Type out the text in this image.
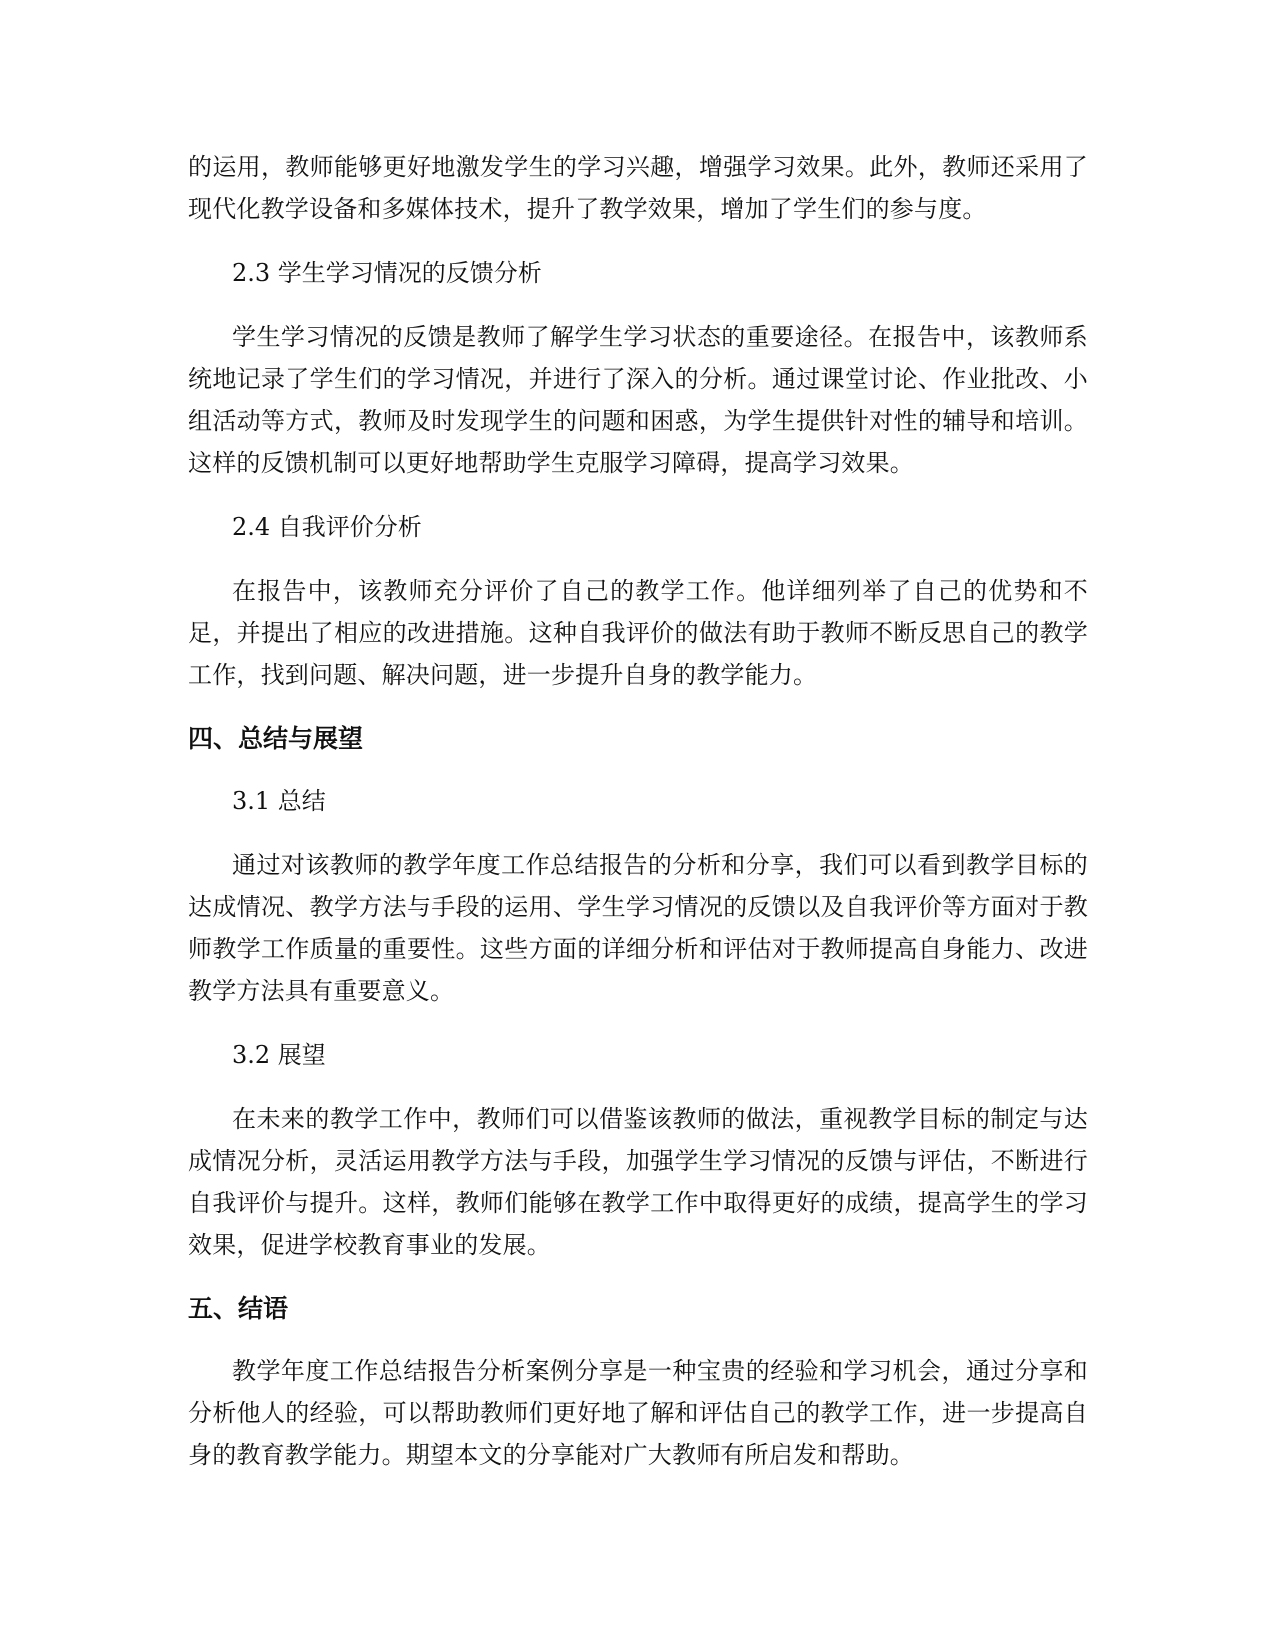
的运用，教师能够更好地激发学生的学习兴趣，增强学习效果。此外，教师还采用了现代化教学设备和多媒体技术，提升了教学效果，增加了学生们的参与度。

2.3 学生学习情况的反馈分析

学生学习情况的反馈是教师了解学生学习状态的重要途径。在报告中，该教师系统地记录了学生们的学习情况，并进行了深入的分析。通过课堂讨论、作业批改、小组活动等方式，教师及时发现学生的问题和困惑，为学生提供针对性的辅导和培训。这样的反馈机制可以更好地帮助学生克服学习障碍，提高学习效果。

2.4 自我评价分析

在报告中，该教师充分评价了自己的教学工作。他详细列举了自己的优势和不足，并提出了相应的改进措施。这种自我评价的做法有助于教师不断反思自己的教学工作，找到问题、解决问题，进一步提升自身的教学能力。

四、总结与展望

3.1 总结

通过对该教师的教学年度工作总结报告的分析和分享，我们可以看到教学目标的达成情况、教学方法与手段的运用、学生学习情况的反馈以及自我评价等方面对于教师教学工作质量的重要性。这些方面的详细分析和评估对于教师提高自身能力、改进教学方法具有重要意义。

3.2 展望

在未来的教学工作中，教师们可以借鉴该教师的做法，重视教学目标的制定与达成情况分析，灵活运用教学方法与手段，加强学生学习情况的反馈与评估，不断进行自我评价与提升。这样，教师们能够在教学工作中取得更好的成绩，提高学生的学习效果，促进学校教育事业的发展。

五、结语

教学年度工作总结报告分析案例分享是一种宝贵的经验和学习机会，通过分享和分析他人的经验，可以帮助教师们更好地了解和评估自己的教学工作，进一步提高自身的教育教学能力。期望本文的分享能对广大教师有所启发和帮助。
